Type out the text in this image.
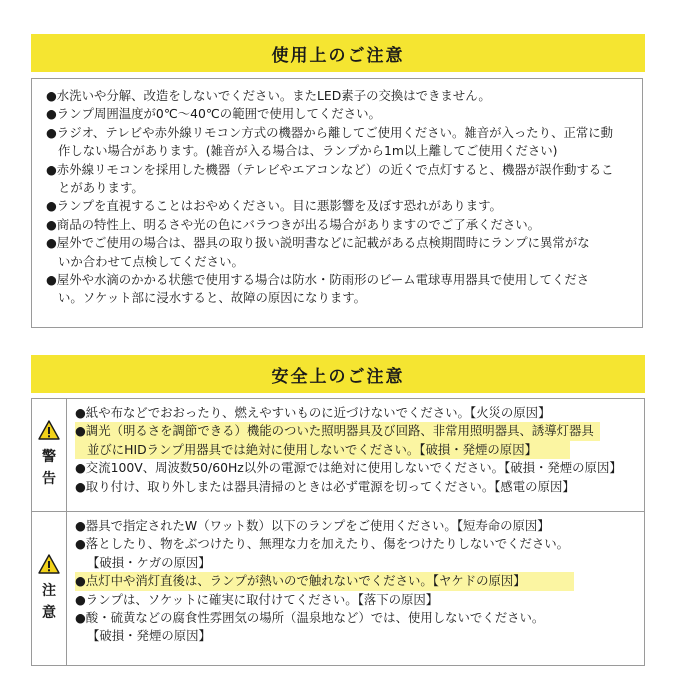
使用上のご注意
●水洗いや分解、改造をしないでください。またLED素子の交換はできません。
●ランプ周囲温度が0℃～40℃の範囲で使用してください。
●ラジオ、テレビや赤外線リモコン方式の機器から離してご使用ください。雑音が入ったり、正常に動
作しない場合があります。(雑音が入る場合は、ランプから1m以上離してご使用ください)
●赤外線リモコンを採用した機器（テレビやエアコンなど）の近くで点灯すると、機器が誤作動するこ
とがあります。
●ランプを直視することはおやめください。目に悪影響を及ぼす恐れがあります。
●商品の特性上、明るさや光の色にバラつきが出る場合がありますのでご了承ください。
●屋外でご使用の場合は、器具の取り扱い説明書などに記載がある点検期間時にランプに異常がな
いか合わせて点検してください。
●屋外や水滴のかかる状態で使用する場合は防水・防雨形のビーム電球専用器具で使用してくださ
い。ソケット部に浸水すると、故障の原因になります。
安全上のご注意
警
告
●紙や布などでおおったり、燃えやすいものに近づけないでください。【火災の原因】
●調光（明るさを調節できる）機能のついた照明器具及び回路、非常用照明器具、誘導灯器具
並びにHIDランプ用器具では絶対に使用しないでください。【破損・発煙の原因】
●交流100V、周波数50/60Hz以外の電源では絶対に使用しないでください。【破損・発煙の原因】
●取り付け、取り外しまたは器具清掃のときは必ず電源を切ってください。【感電の原因】
注
意
●器具で指定されたW（ワット数）以下のランプをご使用ください。【短寿命の原因】
●落としたり、物をぶつけたり、無理な力を加えたり、傷をつけたりしないでください。
【破損・ケガの原因】
●点灯中や消灯直後は、ランプが熱いので触れないでください。【ヤケドの原因】
●ランプは、ソケットに確実に取付けてください。【落下の原因】
●酸・硫黄などの腐食性雰囲気の場所（温泉地など）では、使用しないでください。
【破損・発煙の原因】
